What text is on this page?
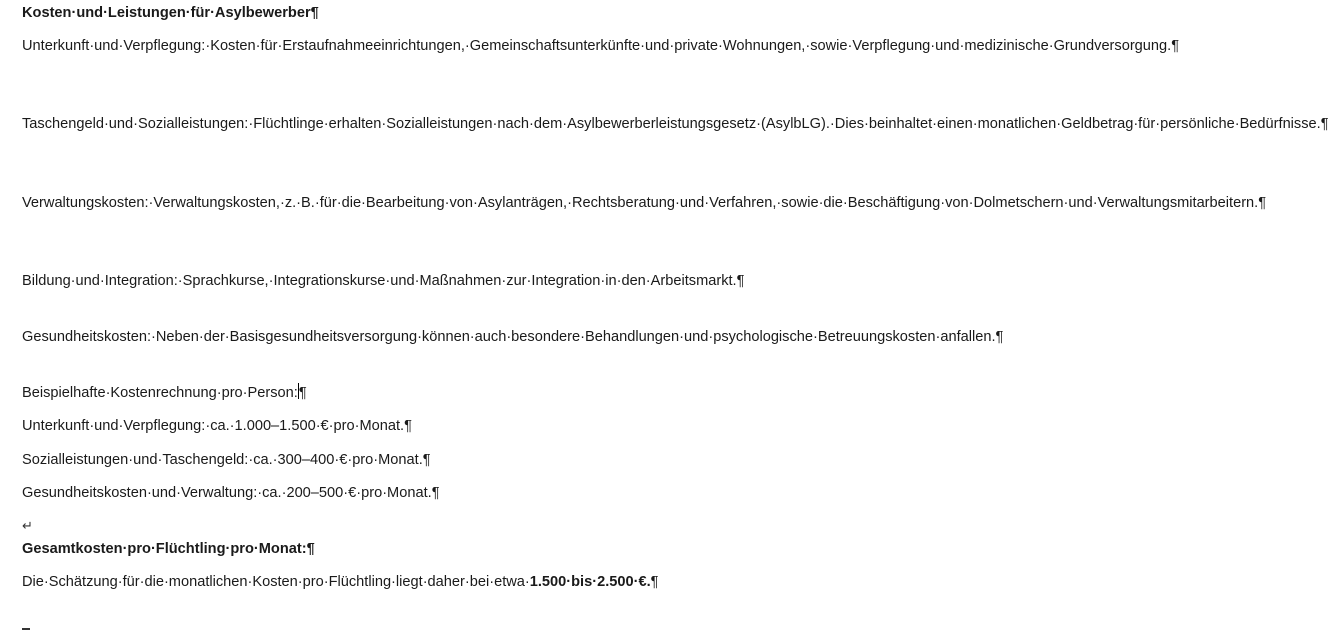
Kosten·und·Leistungen·für·Asylbewerber¶

Unterkunft·und·Verpflegung:·Kosten·für·Erstaufnahmeeinrichtungen,·Gemeinschaftsunterkünfte·und·private·Wohnungen,·sowie·Verpflegung·und·medizinische·Grundversorgung.¶

Taschengeld·und·Sozialleistungen:·Flüchtlinge·erhalten·Sozialleistungen·nach·dem·Asylbewerberleistungsgesetz·(AsylbLG).·Dies·beinhaltet·einen·monatlichen·Geldbetrag·für·persönliche·Bedürfnisse.¶

Verwaltungskosten:·Verwaltungskosten,·z.·B.·für·die·Bearbeitung·von·Asylanträgen,·Rechtsberatung·und·Verfahren,·sowie·die·Beschäftigung·von·Dolmetschern·und·Verwaltungsmitarbeitern.¶

Bildung·und·Integration:·Sprachkurse,·Integrationskurse·und·Maßnahmen·zur·Integration·in·den·Arbeitsmarkt.¶

Gesundheitskosten:·Neben·der·Basisgesundheitsversorgung·können·auch·besondere·Behandlungen·und·psychologische·Betreuungskosten·anfallen.¶

Beispielhafte·Kostenrechnung·pro·Person:¶

Unterkunft·und·Verpflegung:·ca.·1.000–1.500·€·pro·Monat.¶

Sozialleistungen·und·Taschengeld:·ca.·300–400·€·pro·Monat.¶

Gesundheitskosten·und·Verwaltung:·ca.·200–500·€·pro·Monat.¶

↵

Gesamtkosten·pro·Flüchtling·pro·Monat:¶

Die·Schätzung·für·die·monatlichen·Kosten·pro·Flüchtling·liegt·daher·bei·etwa·1.500·bis·2.500·€.¶
